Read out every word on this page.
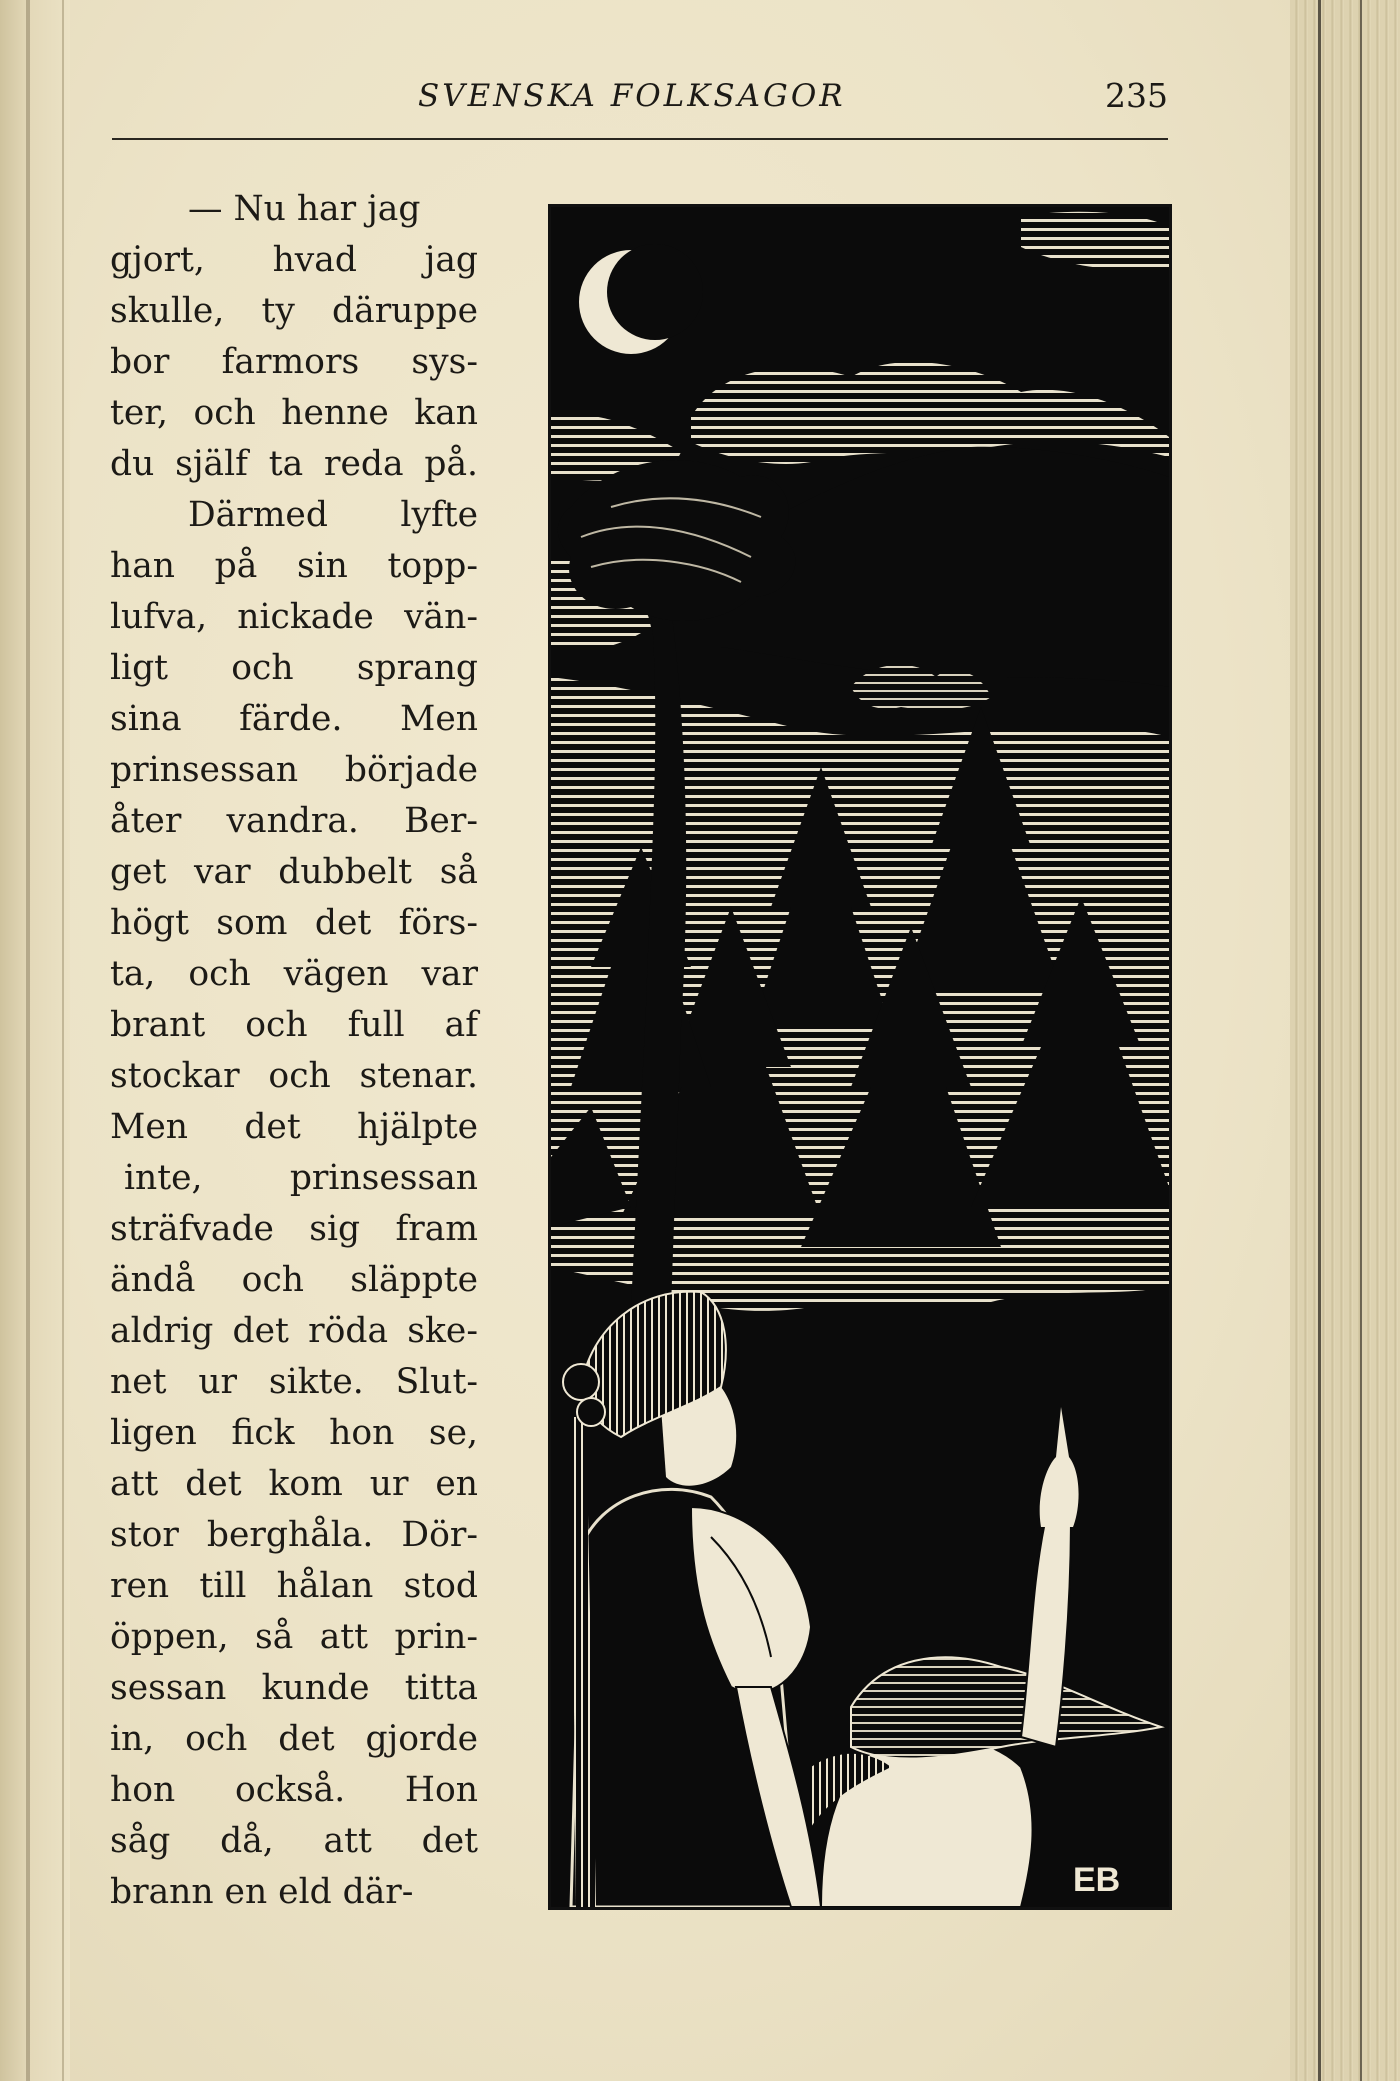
SVENSKA FOLKSAGOR	235
— Nu har jag
gjort, hvad jag
skulle, ty däruppe
bor farmors sys-
ter, och henne kan
du själf ta reda på.
Därmed lyfte
han på sin topp-
lufva, nickade vän-
ligt och sprang
sina färde. Men
prinsessan började
åter vandra. Ber-
get var dubbelt så
högt som det förs-
ta, och vägen var
brant och full af
stockar och stenar.
Men det hjälpte
inte, prinsessan
sträfvade sig fram
ändå och släppte
aldrig det röda ske-
net ur sikte. Slut-
ligen fick hon se,
att det kom ur en
stor berghåla. Dör-
ren till hålan stod
öppen, så att prin-
sessan kunde titta
in, och det gjorde
hon också. Hon
såg då, att det
brann en eld där-	EB
